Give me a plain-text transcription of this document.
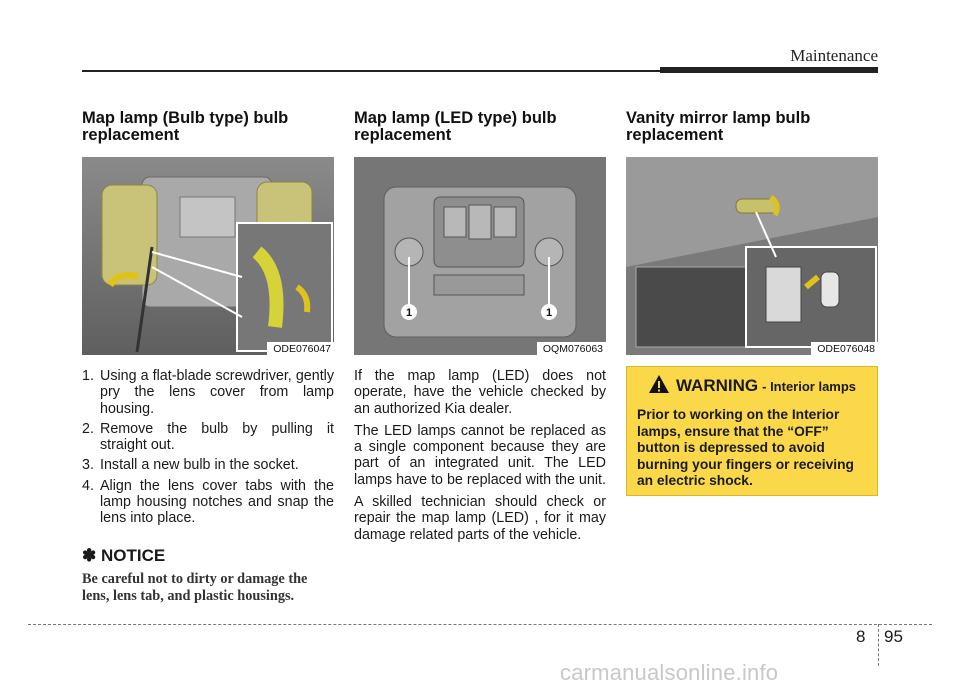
Maintenance
Map lamp (Bulb type) bulb replacement
ODE076047
1. Using a flat-blade screwdriver, gently pry the lens cover from lamp housing.
2. Remove the bulb by pulling it straight out.
3. Install a new bulb in the socket.
4. Align the lens cover tabs with the lamp housing notches and snap the lens into place.
✽ NOTICE
Be careful not to dirty or damage the lens, lens tab, and plastic housings.
Map lamp (LED type) bulb replacement
1	1
OQM076063

If the map lamp (LED) does not operate, have the vehicle checked by an authorized Kia dealer.

The LED lamps cannot be replaced as a single component because they are part of an integrated unit. The LED lamps have to be replaced with the unit.

A skilled technician should check or repair the map lamp (LED) , for it may damage related parts of the vehicle.

Vanity mirror lamp bulb replacement
ODE076048
WARNING - Interior lamps
Prior to working on the Interior lamps, ensure that the “OFF” button is depressed to avoid burning your fingers or receiving an electric shock.
8 95
carmanualsonline.info
